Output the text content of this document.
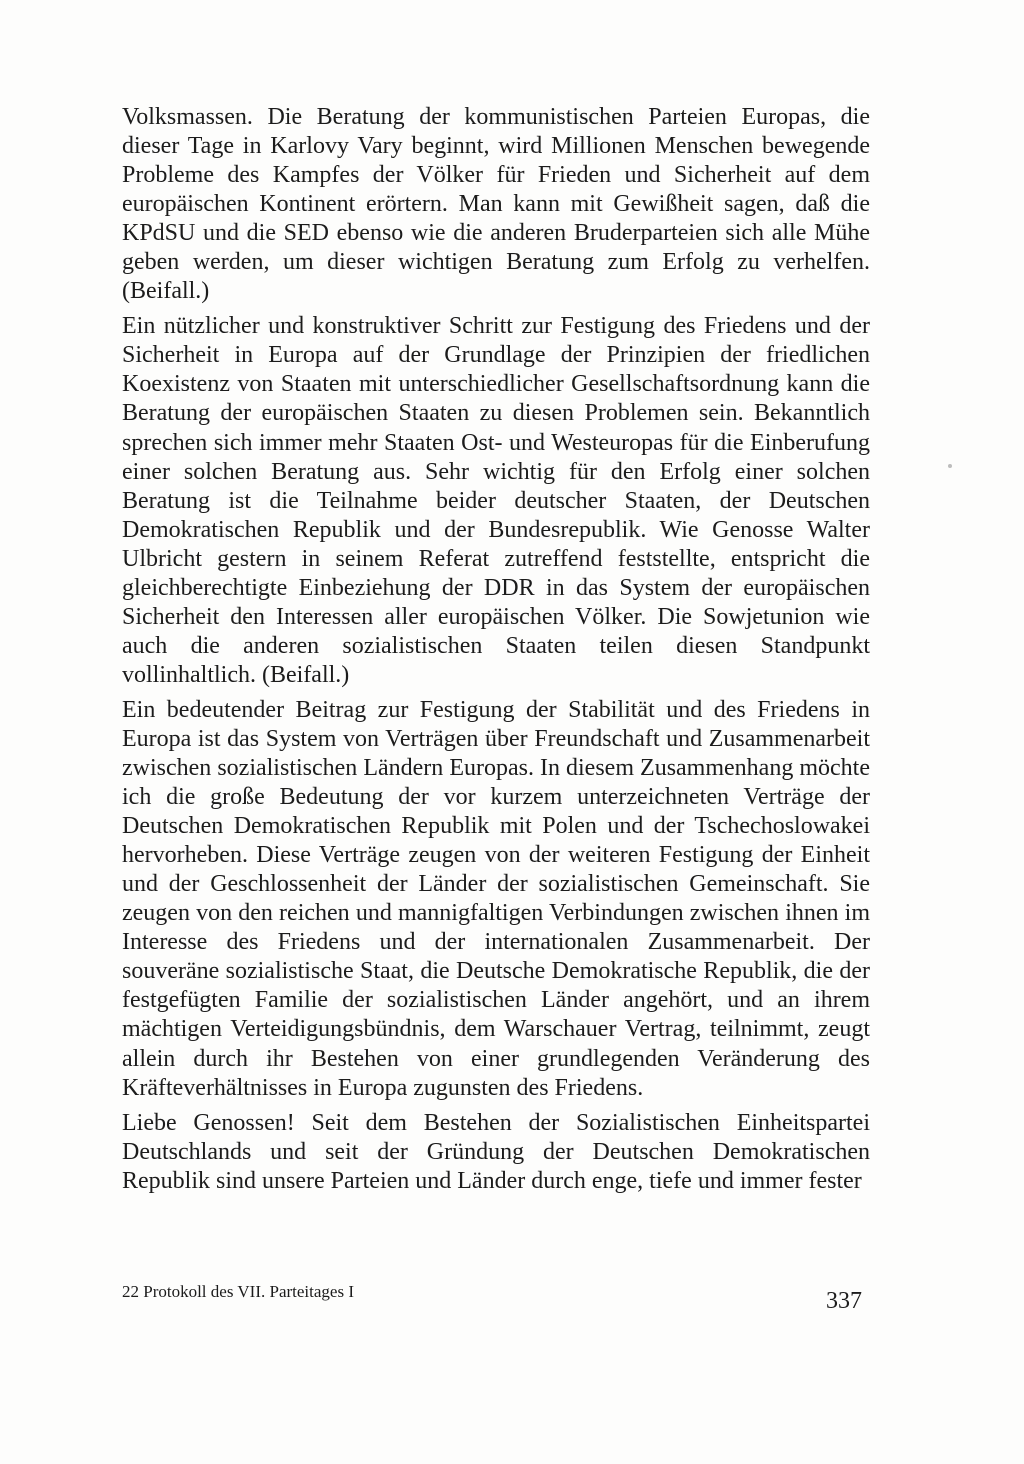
Volksmassen. Die Beratung der kommunistischen Parteien Europas, die dieser Tage in Karlovy Vary beginnt, wird Millionen Menschen bewegende Probleme des Kampfes der Völker für Frieden und Sicherheit auf dem europäischen Kontinent erörtern. Man kann mit Gewißheit sagen, daß die KPdSU und die SED ebenso wie die anderen Bruderparteien sich alle Mühe geben werden, um dieser wichtigen Beratung zum Erfolg zu verhelfen. (Beifall.)

Ein nützlicher und konstruktiver Schritt zur Festigung des Friedens und der Sicherheit in Europa auf der Grundlage der Prinzipien der friedlichen Koexistenz von Staaten mit unterschiedlicher Gesellschaftsordnung kann die Beratung der europäischen Staaten zu diesen Problemen sein. Bekanntlich sprechen sich immer mehr Staaten Ost- und Westeuropas für die Einberufung einer solchen Beratung aus. Sehr wichtig für den Erfolg einer solchen Beratung ist die Teilnahme beider deutscher Staaten, der Deutschen Demokratischen Republik und der Bundesrepublik. Wie Genosse Walter Ulbricht gestern in seinem Referat zutreffend feststellte, entspricht die gleichberechtigte Einbeziehung der DDR in das System der europäischen Sicherheit den Interessen aller europäischen Völker. Die Sowjetunion wie auch die anderen sozialistischen Staaten teilen diesen Standpunkt vollinhaltlich. (Beifall.)

Ein bedeutender Beitrag zur Festigung der Stabilität und des Friedens in Europa ist das System von Verträgen über Freundschaft und Zusammenarbeit zwischen sozialistischen Ländern Europas. In diesem Zusammenhang möchte ich die große Bedeutung der vor kurzem unterzeichneten Verträge der Deutschen Demokratischen Republik mit Polen und der Tschechoslowakei hervorheben. Diese Verträge zeugen von der weiteren Festigung der Einheit und der Geschlossenheit der Länder der sozialistischen Gemeinschaft. Sie zeugen von den reichen und mannigfaltigen Verbindungen zwischen ihnen im Interesse des Friedens und der internationalen Zusammenarbeit. Der souveräne sozialistische Staat, die Deutsche Demokratische Republik, die der festgefügten Familie der sozialistischen Länder angehört, und an ihrem mächtigen Verteidigungsbündnis, dem Warschauer Vertrag, teilnimmt, zeugt allein durch ihr Bestehen von einer grundlegenden Veränderung des Kräfteverhältnisses in Europa zugunsten des Friedens.

Liebe Genossen! Seit dem Bestehen der Sozialistischen Einheitspartei Deutschlands und seit der Gründung der Deutschen Demokratischen Republik sind unsere Parteien und Länder durch enge, tiefe und immer fester

22 Protokoll des VII. Parteitages I	337
